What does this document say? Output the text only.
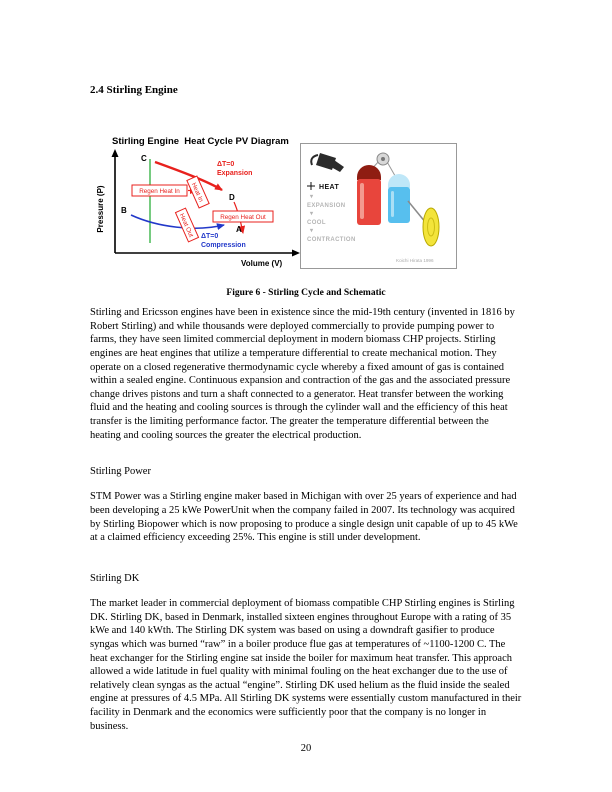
2.4 Stirling Engine
Stirling Engine  Heat Cycle PV Diagram
Pressure (P)
Volume (V)
Regen Heat In Heat In
ΔT=0
Expansion
Regen Heat Out
Heat Out ΔT=0
Compression
C
B
D
A
HEAT
▾
EXPANSION
▾
COOL
▾
CONTRACTION
Koichi Hirata 1996
Figure 6 - Stirling Cycle and Schematic

Stirling and Ericsson engines have been in existence since the mid-19th century (invented in 1816 by Robert Stirling) and while thousands were deployed commercially to provide pumping power to farms, they have seen limited commercial deployment in modern biomass CHP projects. Stirling engines are heat engines that utilize a temperature differential to create mechanical motion. They operate on a closed regenerative thermodynamic cycle whereby a fixed amount of gas is contained within a sealed engine. Continuous expansion and contraction of the gas and the associated pressure change drives pistons and turn a shaft connected to a generator. Heat transfer between the working fluid and the heating and cooling sources is through the cylinder wall and the efficiency of this heat transfer is the limiting performance factor. The greater the temperature differential between the heating and cooling sources the greater the electrical production.

Stirling Power

STM Power was a Stirling engine maker based in Michigan with over 25 years of experience and had been developing a 25 kWe PowerUnit when the company failed in 2007. Its technology was acquired by Stirling Biopower which is now proposing to produce a single design unit capable of up to 45 kWe at a claimed efficiency exceeding 25%. This engine is still under development.

Stirling DK

The market leader in commercial deployment of biomass compatible CHP Stirling engines is Stirling DK. Stirling DK, based in Denmark, installed sixteen engines throughout Europe with a rating of 35 kWe and 140 kWth. The Stirling DK system was based on using a downdraft gasifier to produce syngas which was burned “raw” in a boiler produce flue gas at temperatures of ~1100-1200 C. The heat exchanger for the Stirling engine sat inside the boiler for maximum heat transfer. This approach allowed a wide latitude in fuel quality with minimal fouling on the heat exchanger due to the use of relatively clean syngas as the actual “engine”. Stirling DK used helium as the fluid inside the sealed engine at pressures of 4.5 MPa. All Stirling DK systems were essentially custom manufactured in their facility in Denmark and the economics were sufficiently poor that the company is no longer in business.

20
